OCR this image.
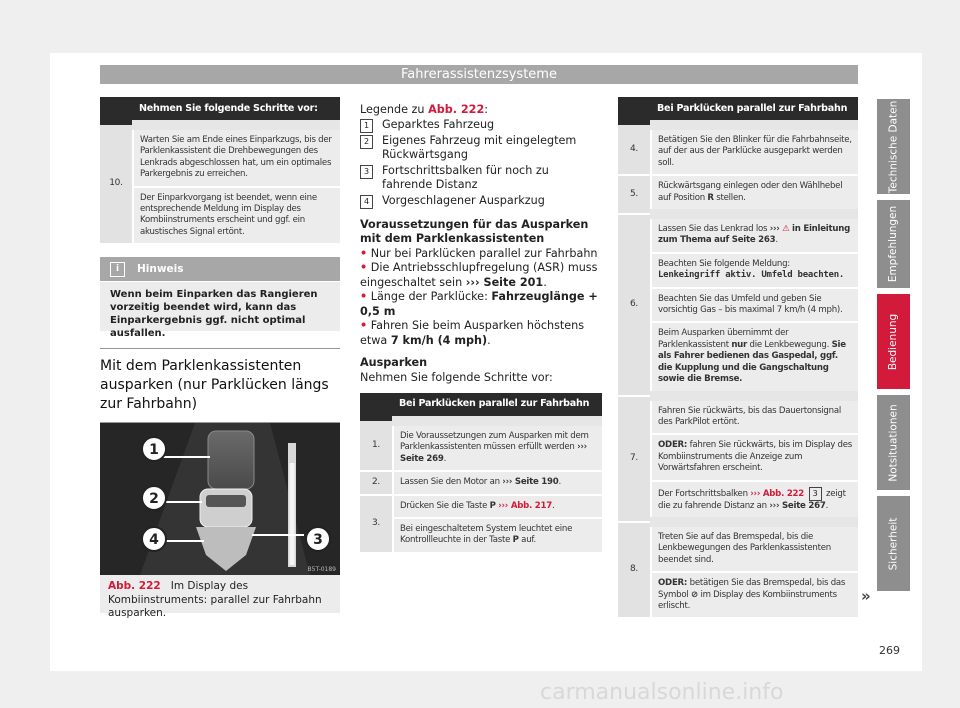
Fahrerassistenzsysteme
	Nehmen Sie folgende Schritte vor:
10.	Warten Sie am Ende eines Einparkzugs, bis der Parklenkassistent die Drehbewegungen des Lenkrads abgeschlossen hat, um ein optimales Parkergebnis zu erreichen.
	Der Einparkvorgang ist beendet, wenn eine entsprechende Meldung im Display des Kombiinstruments erscheint und ggf. ein akustisches Signal ertönt.
i	Hinweis
Wenn beim Einparken das Rangieren vorzeitig beendet wird, kann das Einparkergebnis ggf. nicht optimal ausfallen.
Mit dem Parklenkassistenten ausparken (nur Parklücken längs zur Fahrbahn)
1
2
3
4
B5T-0189
Abb. 222 Im Display des Kombiinstruments: parallel zur Fahrbahn ausparken.
Legende zu Abb. 222:
1	Geparktes Fahrzeug
2	Eigenes Fahrzeug mit eingelegtem Rückwärtsgang
3	Fortschrittsbalken für noch zu fahrende Distanz
4	Vorgeschlagener Ausparkzug
Voraussetzungen für das Ausparken mit dem Parklenkassistenten
• Nur bei Parklücken parallel zur Fahrbahn
• Die Antriebsschlupfregelung (ASR) muss eingeschaltet sein ››› Seite 201.
• Länge der Parklücke: Fahrzeuglänge + 0,5 m
• Fahren Sie beim Ausparken höchstens etwa 7 km/h (4 mph).
Ausparken
Nehmen Sie folgende Schritte vor:
	Bei Parklücken parallel zur Fahrbahn
1.	Die Voraussetzungen zum Ausparken mit dem Parklenkassistenten müssen erfüllt werden ››› Seite 269.
2.	Lassen Sie den Motor an ››› Seite 190.
3.	Drücken Sie die Taste P ››› Abb. 217.
	Bei eingeschaltetem System leuchtet eine Kontrollleuchte in der Taste P auf.
	Bei Parklücken parallel zur Fahrbahn
4.	Betätigen Sie den Blinker für die Fahrbahnseite, auf der aus der Parklücke ausgeparkt werden soll.
5.	Rückwärtsgang einlegen oder den Wählhebel auf Position R stellen.
6.	Lassen Sie das Lenkrad los ››› ⚠ in Einleitung zum Thema auf Seite 263.
	Beachten Sie folgende Meldung: Lenkeingriff aktiv. Umfeld beachten.
	Beachten Sie das Umfeld und geben Sie vorsichtig Gas – bis maximal 7 km/h (4 mph).
	Beim Ausparken übernimmt der Parklenkassistent nur die Lenkbewegung. Sie als Fahrer bedienen das Gaspedal, ggf. die Kupplung und die Gangschaltung sowie die Bremse.
7.	Fahren Sie rückwärts, bis das Dauertonsignal des ParkPilot ertönt.
	ODER: fahren Sie rückwärts, bis im Display des Kombiinstruments die Anzeige zum Vorwärtsfahren erscheint.
	Der Fortschrittsbalken ››› Abb. 222 3 zeigt die zu fahrende Distanz an ››› Seite 267.
8.	Treten Sie auf das Bremspedal, bis die Lenkbewegungen des Parklenkassistenten beendet sind.
	ODER: betätigen Sie das Bremspedal, bis das Symbol ⊘ im Display des Kombiinstruments erlischt.
Technische Daten
Empfehlungen
Bedienung
Notsituationen
Sicherheit
»
269
carmanualsonline.info
